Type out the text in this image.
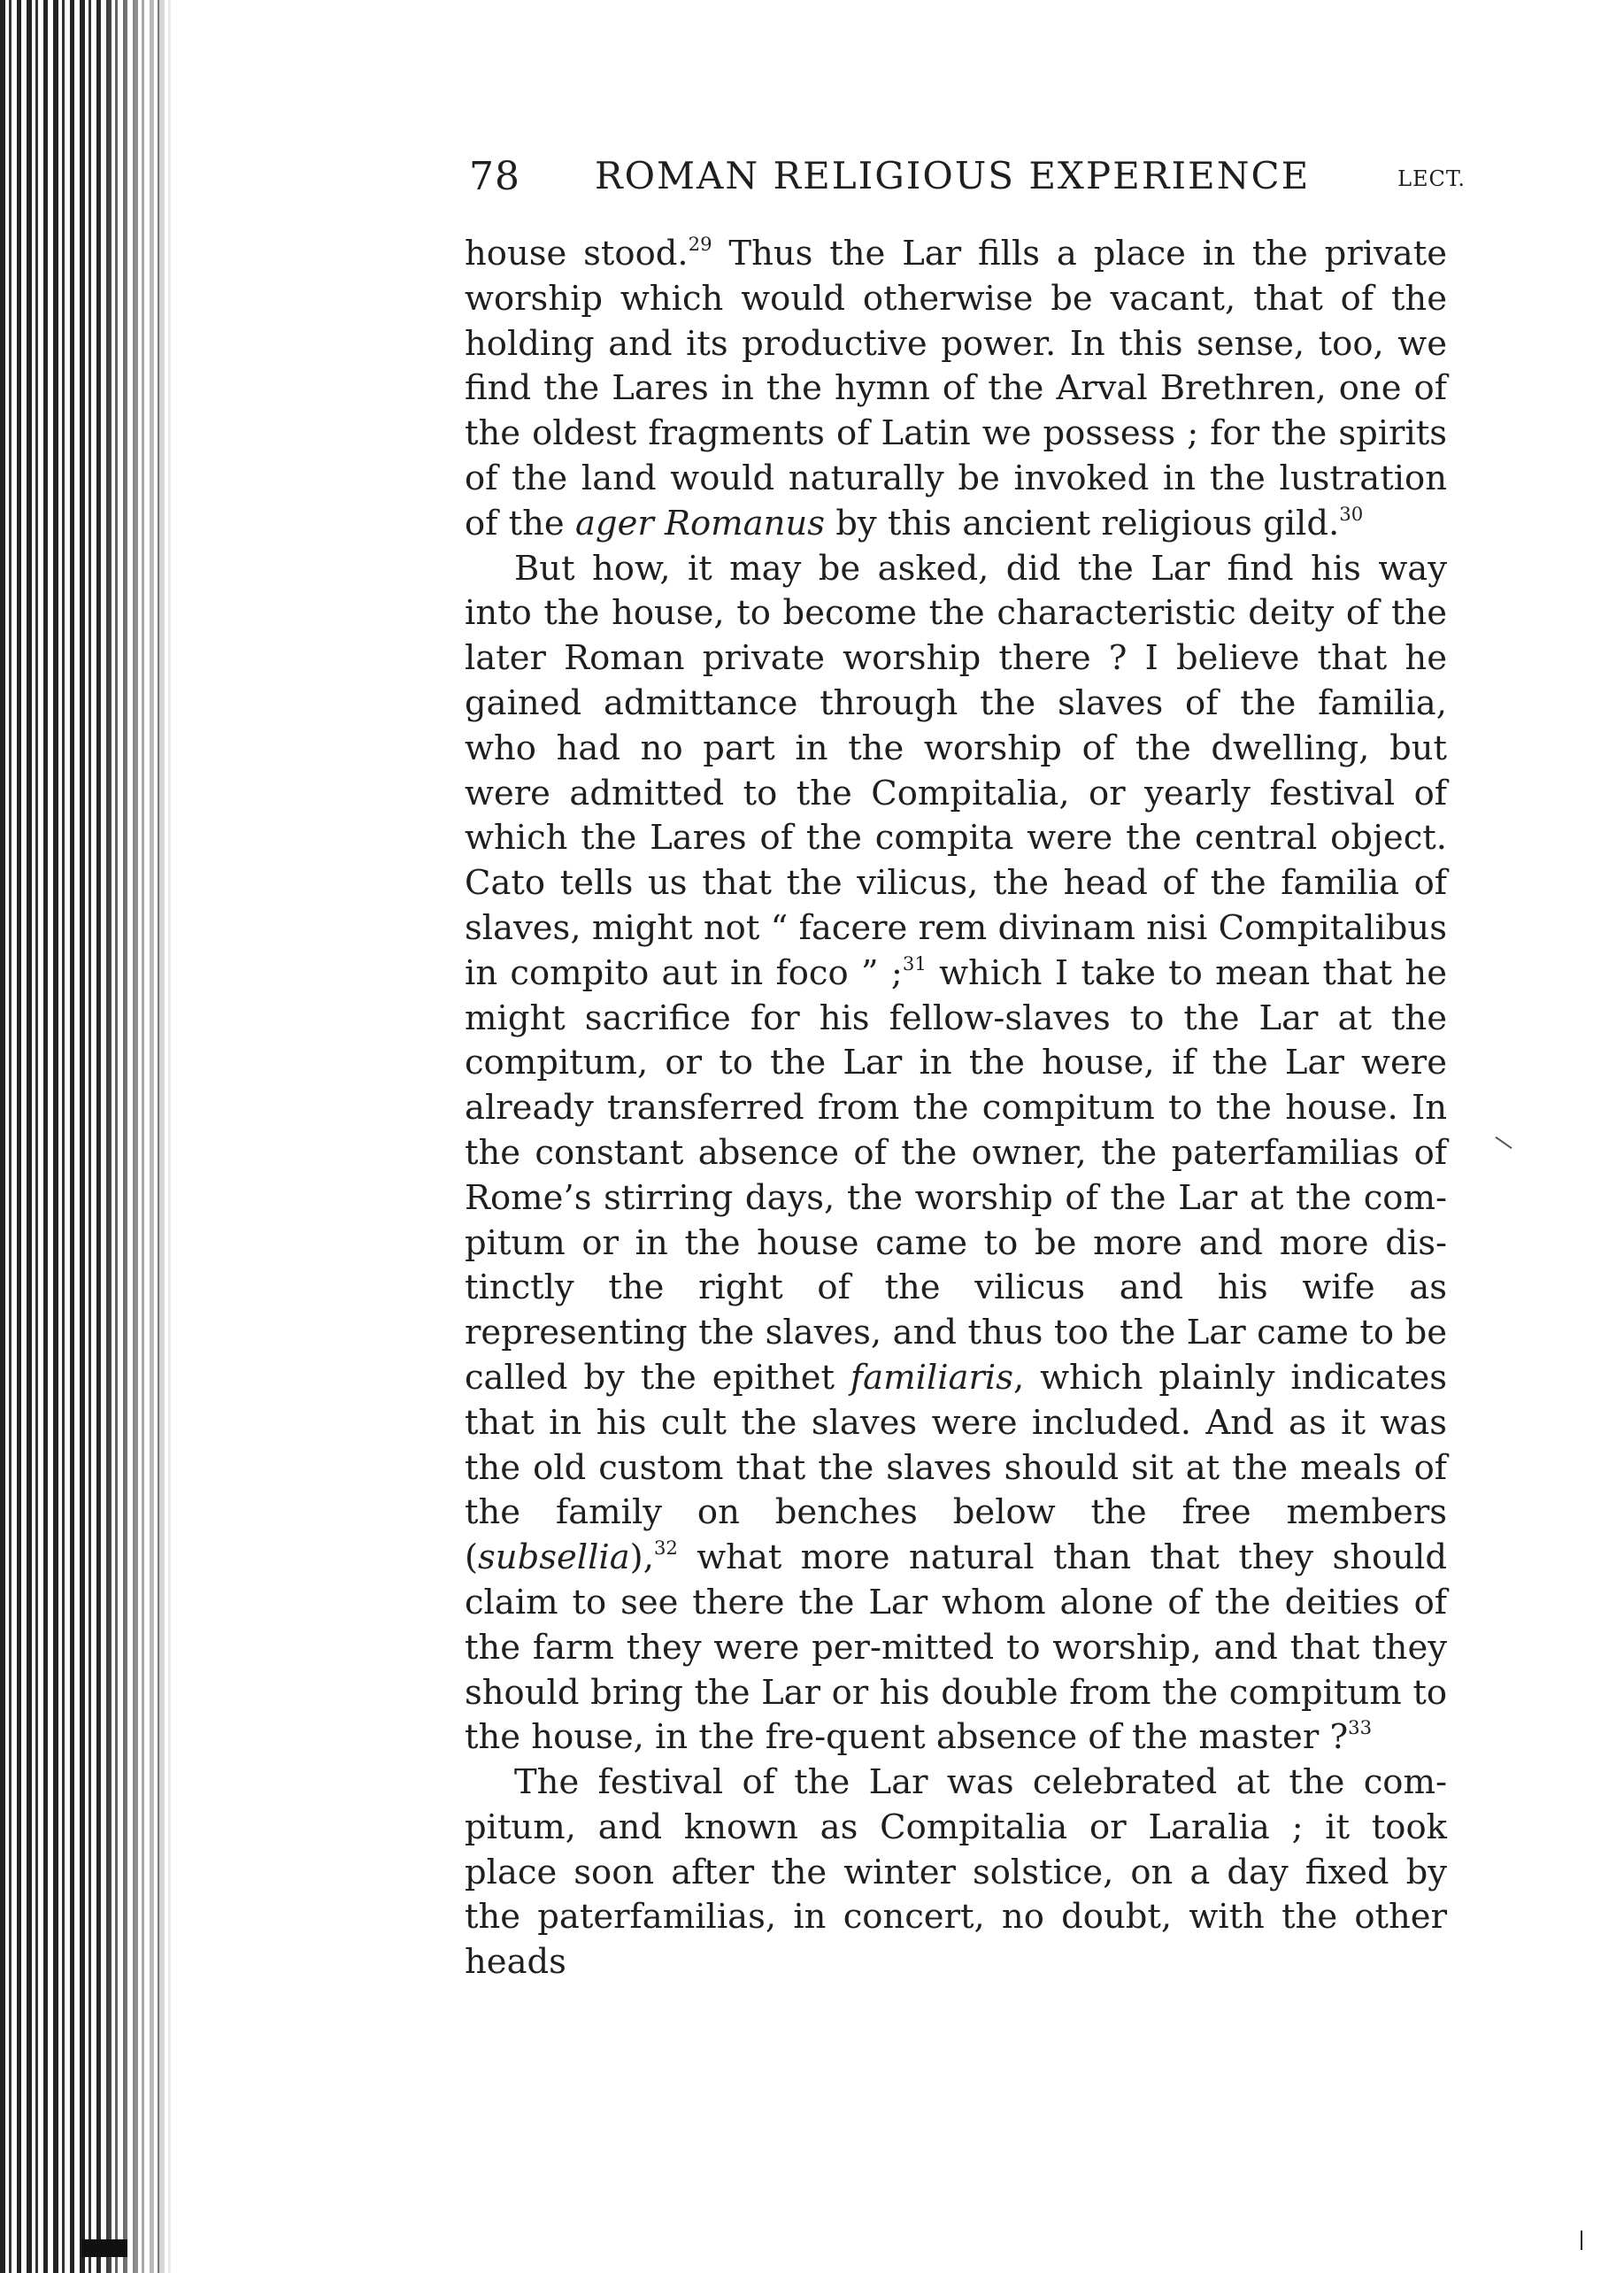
78 ROMAN RELIGIOUS EXPERIENCE	LECT.

house stood.$^{29}$ Thus the Lar fills a place in the private worship which would otherwise be vacant, that of the holding and its productive power. In this sense, too, we find the Lares in the hymn of the Arval Brethren, one of the oldest fragments of Latin we possess ; for the spirits of the land would naturally be invoked in the lustration of the ager Romanus by this ancient religious gild.$^{30}$

But how, it may be asked, did the Lar find his way into the house, to become the characteristic deity of the later Roman private worship there ? I believe that he gained admittance through the slaves of the familia, who had no part in the worship of the dwelling, but were admitted to the Compitalia, or yearly festival of which the Lares of the compita were the central object. Cato tells us that the vilicus, the head of the familia of slaves, might not “ facere rem divinam nisi Compitalibus in compito aut in foco ” ;$^{31}$ which I take to mean that he might sacrifice for his fellow-slaves to the Lar at the compitum, or to the Lar in the house, if the Lar were already transferred from the compitum to the house. In the constant absence of the owner, the paterfamilias of Rome’s stirring days, the worship of the Lar at the com-pitum or in the house came to be more and more dis-tinctly the right of the vilicus and his wife as representing the slaves, and thus too the Lar came to be called by the epithet familiaris, which plainly indicates that in his cult the slaves were included. And as it was the old custom that the slaves should sit at the meals of the family on benches below the free members (subsellia),$^{32}$ what more natural than that they should claim to see there the Lar whom alone of the deities of the farm they were per-mitted to worship, and that they should bring the Lar or his double from the compitum to the house, in the fre-quent absence of the master ?$^{33}$

The festival of the Lar was celebrated at the com-pitum, and known as Compitalia or Laralia ; it took place soon after the winter solstice, on a day fixed by the paterfamilias, in concert, no doubt, with the other heads
